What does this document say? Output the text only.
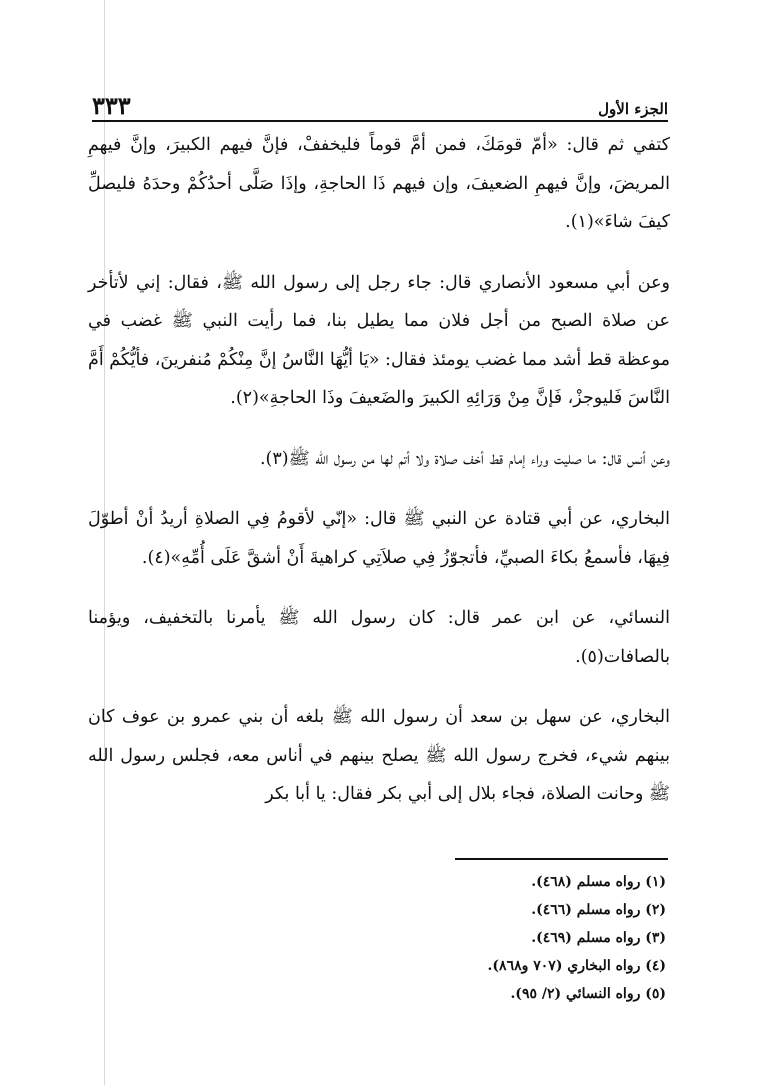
الجزء الأول
٣٣٣

كتفي ثم قال: «أمّ قومَكَ، فمن أمَّ قوماً فليخففْ، فإنَّ فيهم الكبيرَ، وإنَّ فيهمِ المريضَ، وإنَّ فيهمِ الضعيفَ، وإن فيهم ذَا الحاجةِ، وإذَا صَلَّى أحدُكُمْ وحدَهُ فليصلِّ كيفَ شاءَ»(١).

وعن أبي مسعود الأنصاري قال: جاء رجل إلى رسول الله ﷺ، فقال: إني لأتأخر عن صلاة الصبح من أجل فلان مما يطيل بنا، فما رأيت النبي ﷺ غضب في موعظة قط أشد مما غضب يومئذ فقال: «يَا أيُّهَا النَّاسُ إنَّ مِنْكُمْ مُنفرينَ، فأيُّكُمْ أَمَّ النَّاسَ فَليوجزْ، فَإنَّ مِنْ وَرَائِهِ الكبيرَ والضَعيفَ وذَا الحاجةِ»(٢).

وعن أنس قال: ما صليت وراء إمام قط أخف صلاة ولا أتم لها من رسول الله ﷺ(٣).

البخاري، عن أبي قتادة عن النبي ﷺ قال: «إنّي لأقومُ فِي الصلاةِ أريدُ أنْ أطوّلَ فِيهَا، فأسمعُ بكاءَ الصبيِّ، فأتجوّزُ فِي صلاَتِي كراهيةَ أَنْ أشقَّ عَلَى أُمِّهِ»(٤).

النسائي، عن ابن عمر قال: كان رسول الله ﷺ يأمرنا بالتخفيف، ويؤمنا بالصافات(٥).

البخاري، عن سهل بن سعد أن رسول الله ﷺ بلغه أن بني عمرو بن عوف كان بينهم شيء، فخرج رسول الله ﷺ يصلح بينهم في أناس معه، فجلس رسول الله ﷺ وحانت الصلاة، فجاء بلال إلى أبي بكر فقال: يا أبا بكر

(١) رواه مسلم (٤٦٨).
(٢) رواه مسلم (٤٦٦).
(٣) رواه مسلم (٤٦٩).
(٤) رواه البخاري (٧٠٧ و٨٦٨).
(٥) رواه النسائي (٢/ ٩٥).
